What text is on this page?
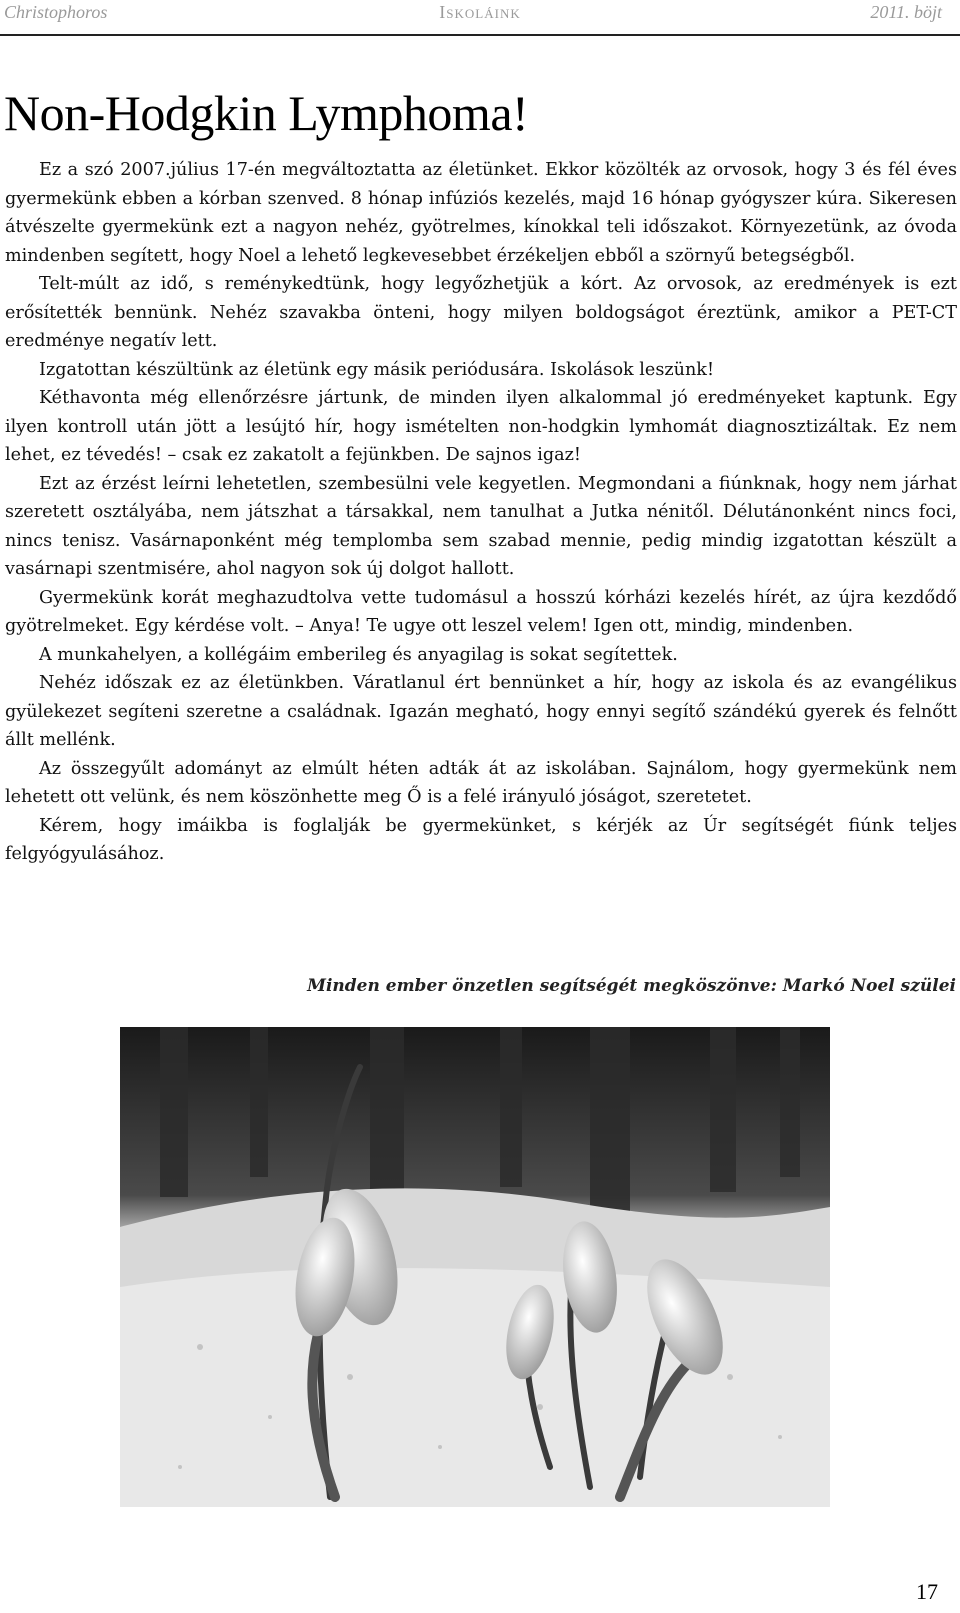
Christophoros	Iskoláink	2011. böjt
Non-Hodgkin Lymphoma!

Ez a szó 2007.július 17-én megváltoztatta az életünket. Ekkor közölték az orvosok, hogy 3 és fél éves gyermekünk ebben a kórban szenved. 8 hónap infúziós kezelés, majd 16 hónap gyógyszer kúra. Sikeresen átvészelte gyermekünk ezt a nagyon nehéz, gyötrelmes, kínokkal teli időszakot. Környezetünk, az óvoda mindenben segített, hogy Noel a lehető legkevesebbet érzékeljen ebből a szörnyű betegségből.

Telt-múlt az idő, s reménykedtünk, hogy legyőzhetjük a kórt. Az orvosok, az eredmények is ezt erősítették bennünk. Nehéz szavakba önteni, hogy milyen boldogságot éreztünk, amikor a PET-CT eredménye negatív lett.

Izgatottan készültünk az életünk egy másik periódusára. Iskolások leszünk!

Kéthavonta még ellenőrzésre jártunk, de minden ilyen alkalommal jó eredményeket kaptunk. Egy ilyen kontroll után jött a lesújtó hír, hogy ismételten non-hodgkin lymhomát diagnosztizáltak. Ez nem lehet, ez tévedés! – csak ez zakatolt a fejünkben. De sajnos igaz!

Ezt az érzést leírni lehetetlen, szembesülni vele kegyetlen. Megmondani a fiúnknak, hogy nem járhat szeretett osztályába, nem játszhat a társakkal, nem tanulhat a Jutka nénitől. Délutánonként nincs foci, nincs tenisz. Vasárnaponként még templomba sem szabad mennie, pedig mindig izgatottan készült a vasárnapi szentmisére, ahol nagyon sok új dolgot hallott.

Gyermekünk korát meghazudtolva vette tudomásul a hosszú kórházi kezelés hírét, az újra kezdődő gyötrelmeket. Egy kérdése volt. – Anya! Te ugye ott leszel velem! Igen ott, mindig, mindenben.

A munkahelyen, a kollégáim emberileg és anyagilag is sokat segítettek.

Nehéz időszak ez az életünkben. Váratlanul ért bennünket a hír, hogy az iskola és az evangélikus gyülekezet segíteni szeretne a családnak. Igazán megható, hogy ennyi segítő szándékú gyerek és felnőtt állt mellénk.

Az összegyűlt adományt az elmúlt héten adták át az iskolában. Sajnálom, hogy gyermekünk nem lehetett ott velünk, és nem köszönhette meg Ő is a felé irányuló jóságot, szeretetet.

Kérem, hogy imáikba is foglalják be gyermekünket, s kérjék az Úr segítségét fiúnk teljes felgyógyulásához.

Minden ember önzetlen segítségét megköszönve: Markó Noel szülei
17
